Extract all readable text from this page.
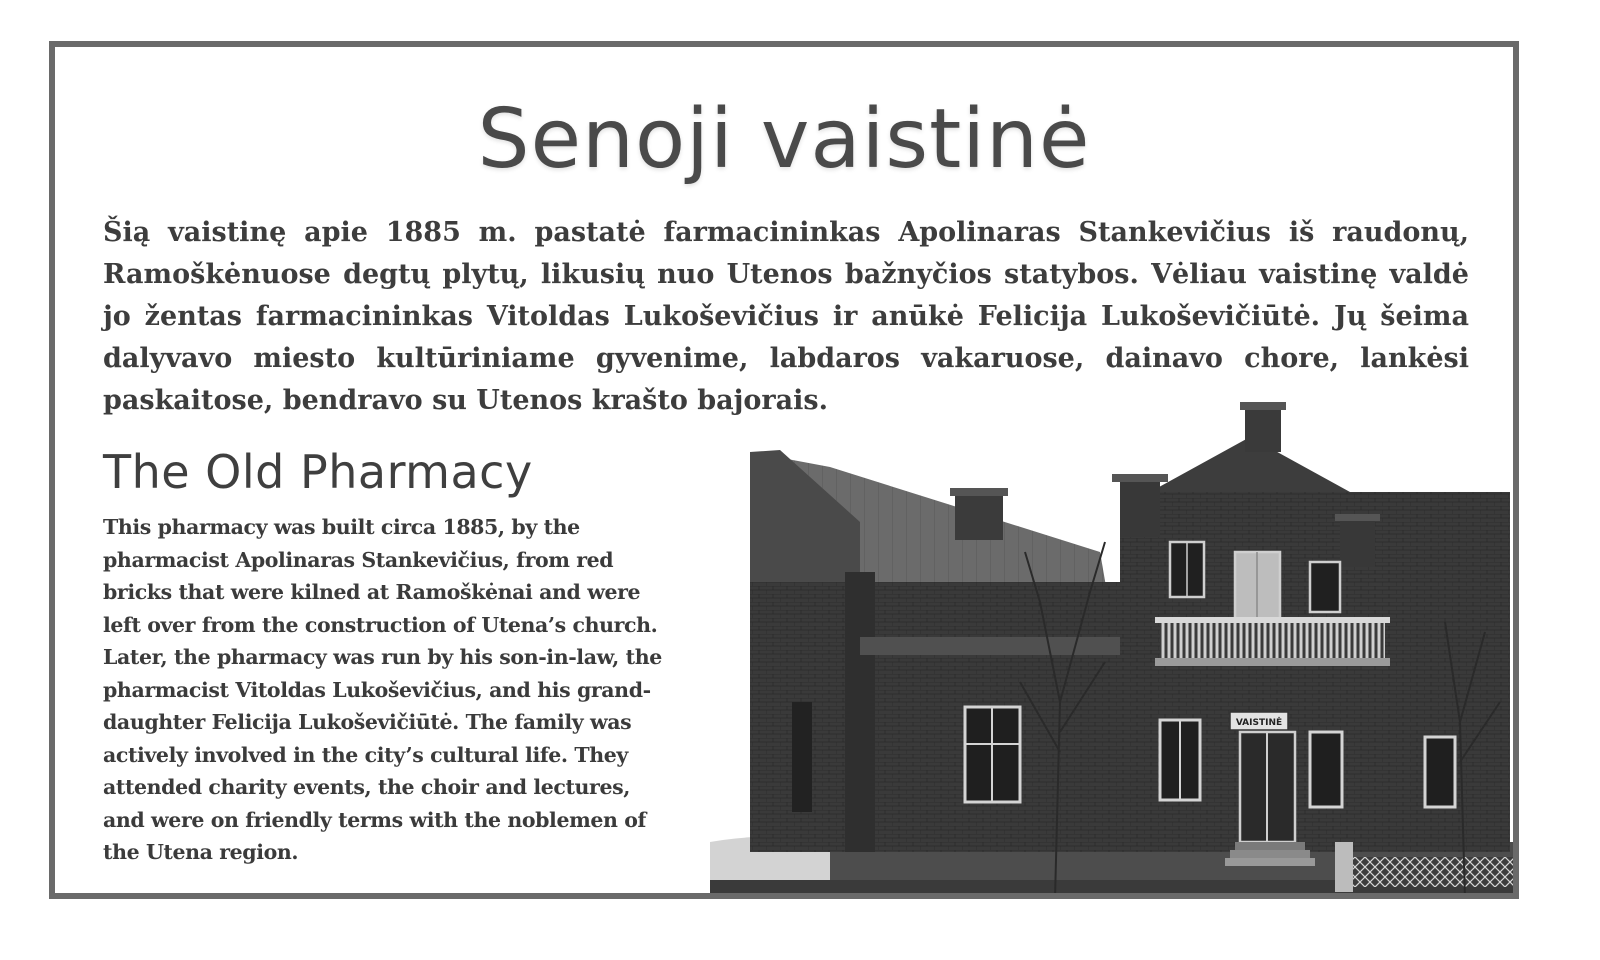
Senoji vaistinė

Šią vaistinę apie 1885 m. pastatė farmacininkas Apolinaras Stankevičius iš raudonų, Ramoškėnuose degtų plytų, likusių nuo Utenos bažnyčios statybos. Vėliau vaistinę valdė jo žentas farmacininkas Vitoldas Lukoševičius ir anūkė Felicija Lukoševičiūtė. Jų šeima dalyvavo miesto kultūriniame gyvenime, labdaros vakaruose, dainavo chore, lankėsi paskaitose, bendravo su Utenos krašto bajorais.

The Old Pharmacy
This pharmacy was built circa 1885, by the
pharmacist Apolinaras Stankevičius, from red
bricks that were kilned at Ramoškėnai and were
left over from the construction of Utena’s church.
Later, the pharmacy was run by his son-in-law, the
pharmacist Vitoldas Lukoševičius, and his grand-
daughter Felicija Lukoševičiūtė. The family was
actively involved in the city’s cultural life. They
attended charity events, the choir and lectures,
and were on friendly terms with the noblemen of
the Utena region.
VAISTINĖ
